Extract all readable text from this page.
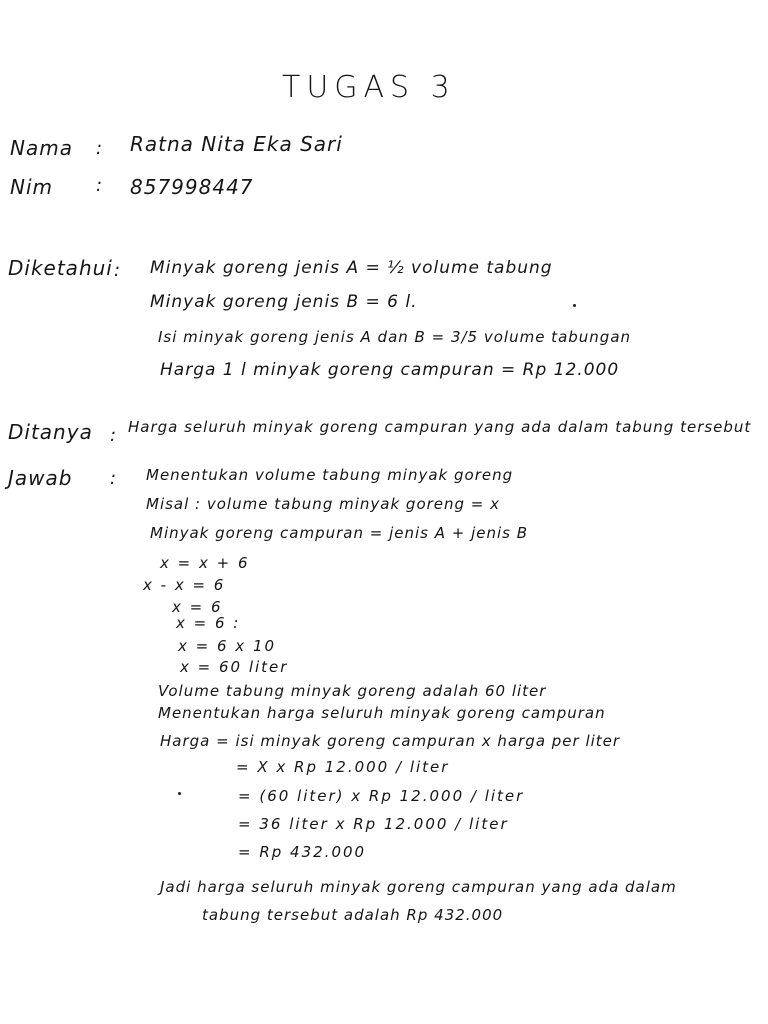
TUGAS 3
Nama : Ratna Nita Eka Sari
Nim : 857998447
Diketahui : Minyak goreng jenis A = ½ volume tabung
Minyak goreng jenis B = 6 l.
Isi minyak goreng jenis A dan B = 3/5 volume tabungan
Harga 1 l minyak goreng campuran = Rp 12.000
Ditanya : Harga seluruh minyak goreng campuran yang ada dalam tabung tersebut
Jawab : Menentukan volume tabung minyak goreng
Misal : volume tabung minyak goreng = x
Minyak goreng campuran = jenis A + jenis B
x = x + 6
x - x = 6
x = 6
x = 6 :
x = 6 x 10
x = 60 liter
Volume tabung minyak goreng adalah 60 liter
Menentukan harga seluruh minyak goreng campuran
Harga = isi minyak goreng campuran x harga per liter
= X x Rp 12.000 / liter
= (60 liter) x Rp 12.000 / liter
= 36 liter x Rp 12.000 / liter
= Rp 432.000
Jadi harga seluruh minyak goreng campuran yang ada dalam
tabung tersebut adalah Rp 432.000
